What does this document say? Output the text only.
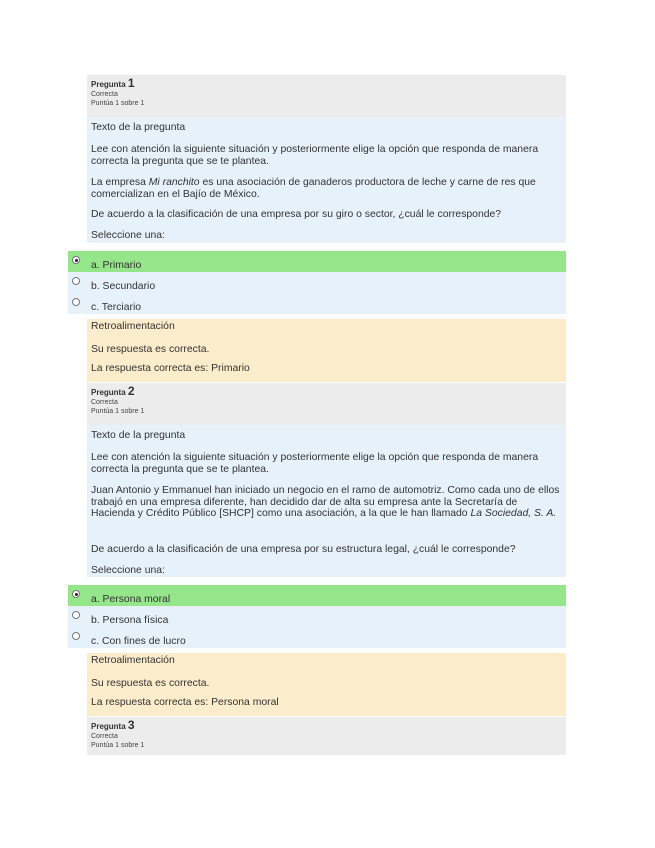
Pregunta 1
Correcta
Puntúa 1 sobre 1

Texto de la pregunta

Lee con atención la siguiente situación y posteriormente elige la opción que responda de manera correcta la pregunta que se te plantea.

La empresa Mi ranchito es una asociación de ganaderos productora de leche y carne de res que comercializan en el Bajío de México.

De acuerdo a la clasificación de una empresa por su giro o sector, ¿cuál le corresponde?

Seleccione una:

a. Primario
b. Secundario
c. Terciario

Retroalimentación

Su respuesta es correcta.

La respuesta correcta es: Primario

Pregunta 2
Correcta
Puntúa 1 sobre 1

Texto de la pregunta

Lee con atención la siguiente situación y posteriormente elige la opción que responda de manera correcta la pregunta que se te plantea.

Juan Antonio y Emmanuel han iniciado un negocio en el ramo de automotriz. Como cada uno de ellos trabajó en una empresa diferente, han decidido dar de alta su empresa ante la Secretaría de Hacienda y Crédito Público [SHCP] como una asociación, a la que le han llamado La Sociedad, S. A.

De acuerdo a la clasificación de una empresa por su estructura legal, ¿cuál le corresponde?

Seleccione una:

a. Persona moral
b. Persona física
c. Con fines de lucro

Retroalimentación

Su respuesta es correcta.

La respuesta correcta es: Persona moral

Pregunta 3
Correcta
Puntúa 1 sobre 1
